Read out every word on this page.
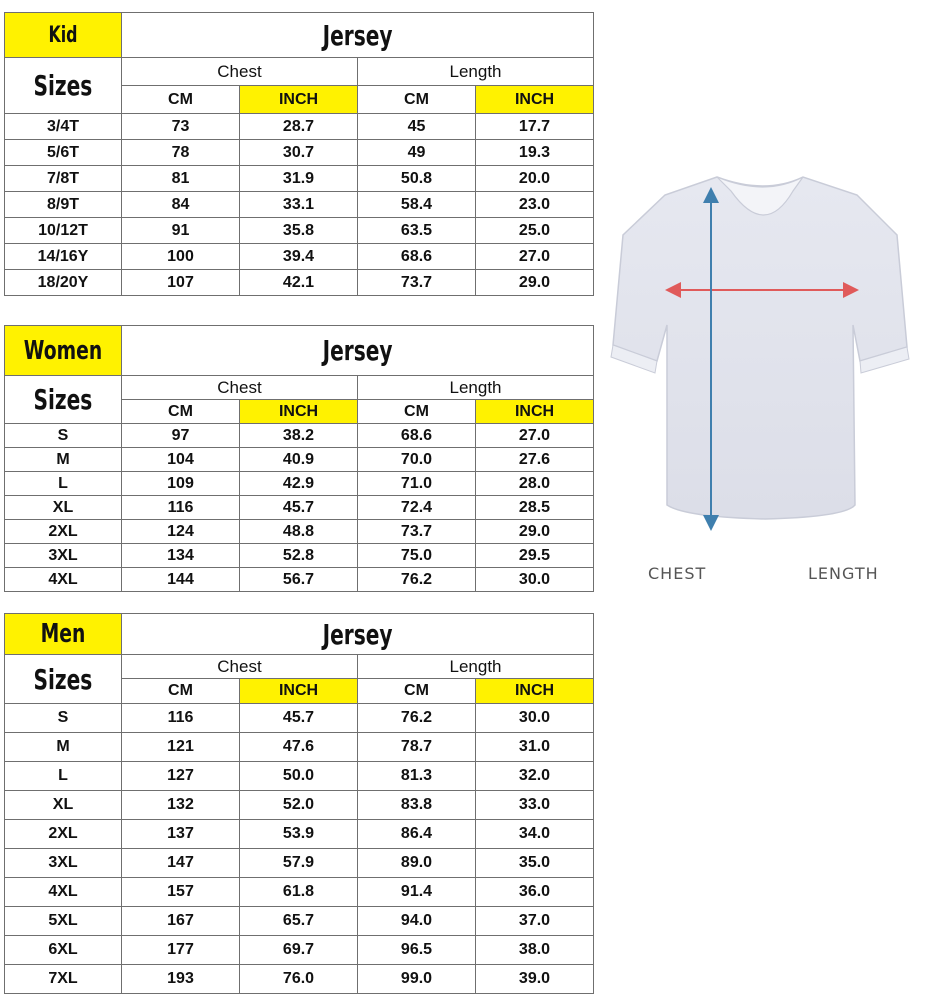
Kid	Jersey			
Sizes	Chest		Length	
	CM	INCH	CM	INCH
3/4T	73	28.7	45	17.7
5/6T	78	30.7	49	19.3
7/8T	81	31.9	50.8	20.0
8/9T	84	33.1	58.4	23.0
10/12T	91	35.8	63.5	25.0
14/16Y	100	39.4	68.6	27.0
18/20Y	107	42.1	73.7	29.0
Women	Jersey			
Sizes	Chest		Length	
	CM	INCH	CM	INCH
S	97	38.2	68.6	27.0
M	104	40.9	70.0	27.6
L	109	42.9	71.0	28.0
XL	116	45.7	72.4	28.5
2XL	124	48.8	73.7	29.0
3XL	134	52.8	75.0	29.5
4XL	144	56.7	76.2	30.0
Men	Jersey			
Sizes	Chest		Length	
	CM	INCH	CM	INCH
S	116	45.7	76.2	30.0
M	121	47.6	78.7	31.0
L	127	50.0	81.3	32.0
XL	132	52.0	83.8	33.0
2XL	137	53.9	86.4	34.0
3XL	147	57.9	89.0	35.0
4XL	157	61.8	91.4	36.0
5XL	167	65.7	94.0	37.0
6XL	177	69.7	96.5	38.0
7XL	193	76.0	99.0	39.0
CHEST	LENGTH
